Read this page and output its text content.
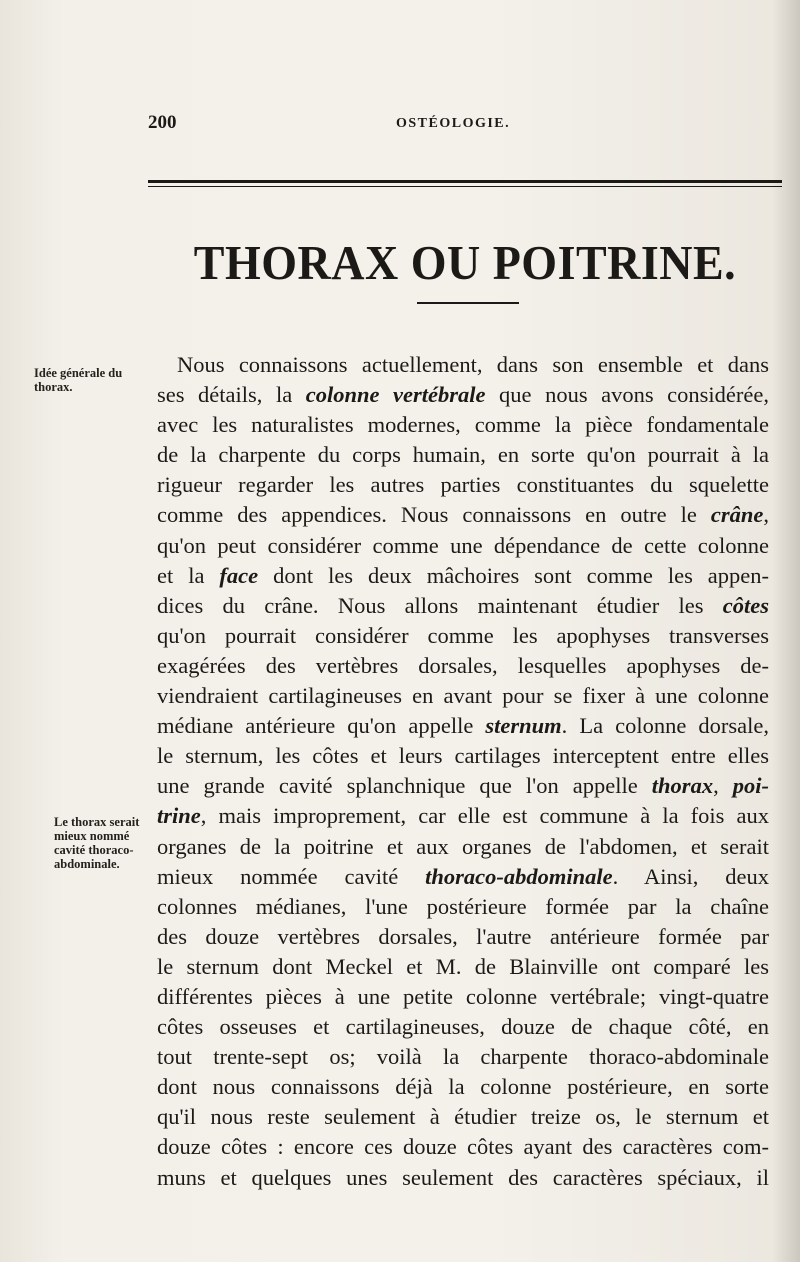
200	OSTÉOLOGIE.
THORAX OU POITRINE.
Idée générale du thorax.
Le thorax serait mieux nommé cavité thoraco-abdominale.
Nous connaissons actuellement, dans son ensemble et dans
ses détails, la colonne vertébrale que nous avons considérée,
avec les naturalistes modernes, comme la pièce fondamentale
de la charpente du corps humain, en sorte qu'on pourrait à la
rigueur regarder les autres parties constituantes du squelette
comme des appendices. Nous connaissons en outre le crâne,
qu'on peut considérer comme une dépendance de cette colonne
et la face dont les deux mâchoires sont comme les appen-
dices du crâne. Nous allons maintenant étudier les côtes
qu'on pourrait considérer comme les apophyses transverses
exagérées des vertèbres dorsales, lesquelles apophyses de-
viendraient cartilagineuses en avant pour se fixer à une colonne
médiane antérieure qu'on appelle sternum. La colonne dorsale,
le sternum, les côtes et leurs cartilages interceptent entre elles
une grande cavité splanchnique que l'on appelle thorax, poi-
trine, mais improprement, car elle est commune à la fois aux
organes de la poitrine et aux organes de l'abdomen, et serait
mieux nommée cavité thoraco-abdominale. Ainsi, deux
colonnes médianes, l'une postérieure formée par la chaîne
des douze vertèbres dorsales, l'autre antérieure formée par
le sternum dont Meckel et M. de Blainville ont comparé les
différentes pièces à une petite colonne vertébrale; vingt-quatre
côtes osseuses et cartilagineuses, douze de chaque côté, en
tout trente-sept os; voilà la charpente thoraco-abdominale
dont nous connaissons déjà la colonne postérieure, en sorte
qu'il nous reste seulement à étudier treize os, le sternum et
douze côtes : encore ces douze côtes ayant des caractères com-
muns et quelques unes seulement des caractères spéciaux, il
